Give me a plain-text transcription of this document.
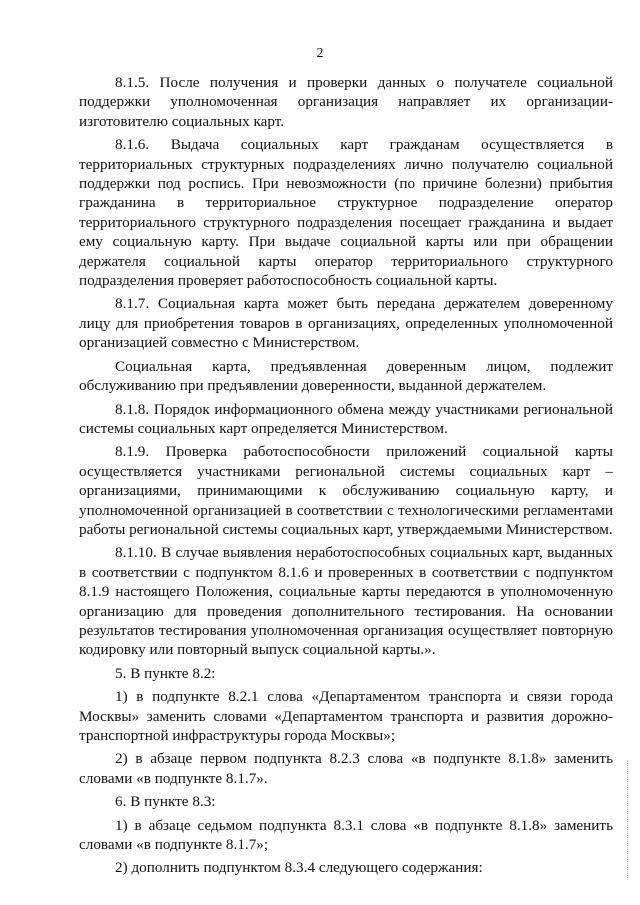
2

8.1.5. После получения и проверки данных о получателе социальной поддержки уполномоченная организация направляет их организации-изготовителю социальных карт.

8.1.6. Выдача социальных карт гражданам осуществляется в территориальных структурных подразделениях лично получателю социальной поддержки под роспись. При невозможности (по причине болезни) прибытия гражданина в территориальное структурное подразделение оператор территориального структурного подразделения посещает гражданина и выдает ему социальную карту. При выдаче социальной карты или при обращении держателя социальной карты оператор территориального структурного подразделения проверяет работоспособность социальной карты.

8.1.7. Социальная карта может быть передана держателем доверенному лицу для приобретения товаров в организациях, определенных уполномоченной организацией совместно с Министерством.

Социальная карта, предъявленная доверенным лицом, подлежит обслуживанию при предъявлении доверенности, выданной держателем.

8.1.8. Порядок информационного обмена между участниками региональной системы социальных карт определяется Министерством.

8.1.9. Проверка работоспособности приложений социальной карты осуществляется участниками региональной системы социальных карт – организациями, принимающими к обслуживанию социальную карту, и уполномоченной организацией в соответствии с технологическими регламентами работы региональной системы социальных карт, утверждаемыми Министерством.

8.1.10. В случае выявления неработоспособных социальных карт, выданных в соответствии с подпунктом 8.1.6 и проверенных в соответствии с подпунктом 8.1.9 настоящего Положения, социальные карты передаются в уполномоченную организацию для проведения дополнительного тестирования. На основании результатов тестирования уполномоченная организация осуществляет повторную кодировку или повторный выпуск социальной карты.».

5. В пункте 8.2:

1) в подпункте 8.2.1 слова «Департаментом транспорта и связи города Москвы» заменить словами «Департаментом транспорта и развития дорожно-транспортной инфраструктуры города Москвы»;

2) в абзаце первом подпункта 8.2.3 слова «в подпункте 8.1.8» заменить словами «в подпункте 8.1.7».

6. В пункте 8.3:

1) в абзаце седьмом подпункта 8.3.1 слова «в подпункте 8.1.8» заменить словами «в подпункте 8.1.7»;

2) дополнить подпунктом 8.3.4 следующего содержания:
